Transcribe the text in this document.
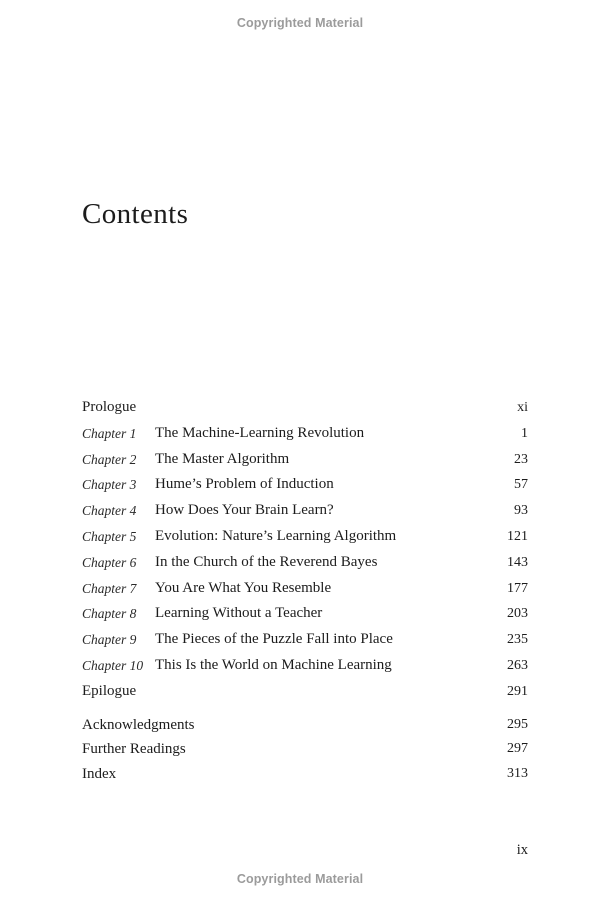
Copyrighted Material
Contents
Prologue	xi
Chapter 1 The Machine-Learning Revolution	1
Chapter 2 The Master Algorithm	23
Chapter 3 Hume’s Problem of Induction	57
Chapter 4 How Does Your Brain Learn?	93
Chapter 5 Evolution: Nature’s Learning Algorithm	121
Chapter 6 In the Church of the Reverend Bayes	143
Chapter 7 You Are What You Resemble	177
Chapter 8 Learning Without a Teacher	203
Chapter 9 The Pieces of the Puzzle Fall into Place	235
Chapter 10 This Is the World on Machine Learning	263
Epilogue	291
Acknowledgments	295
Further Readings	297
Index	313
ix
Copyrighted Material
